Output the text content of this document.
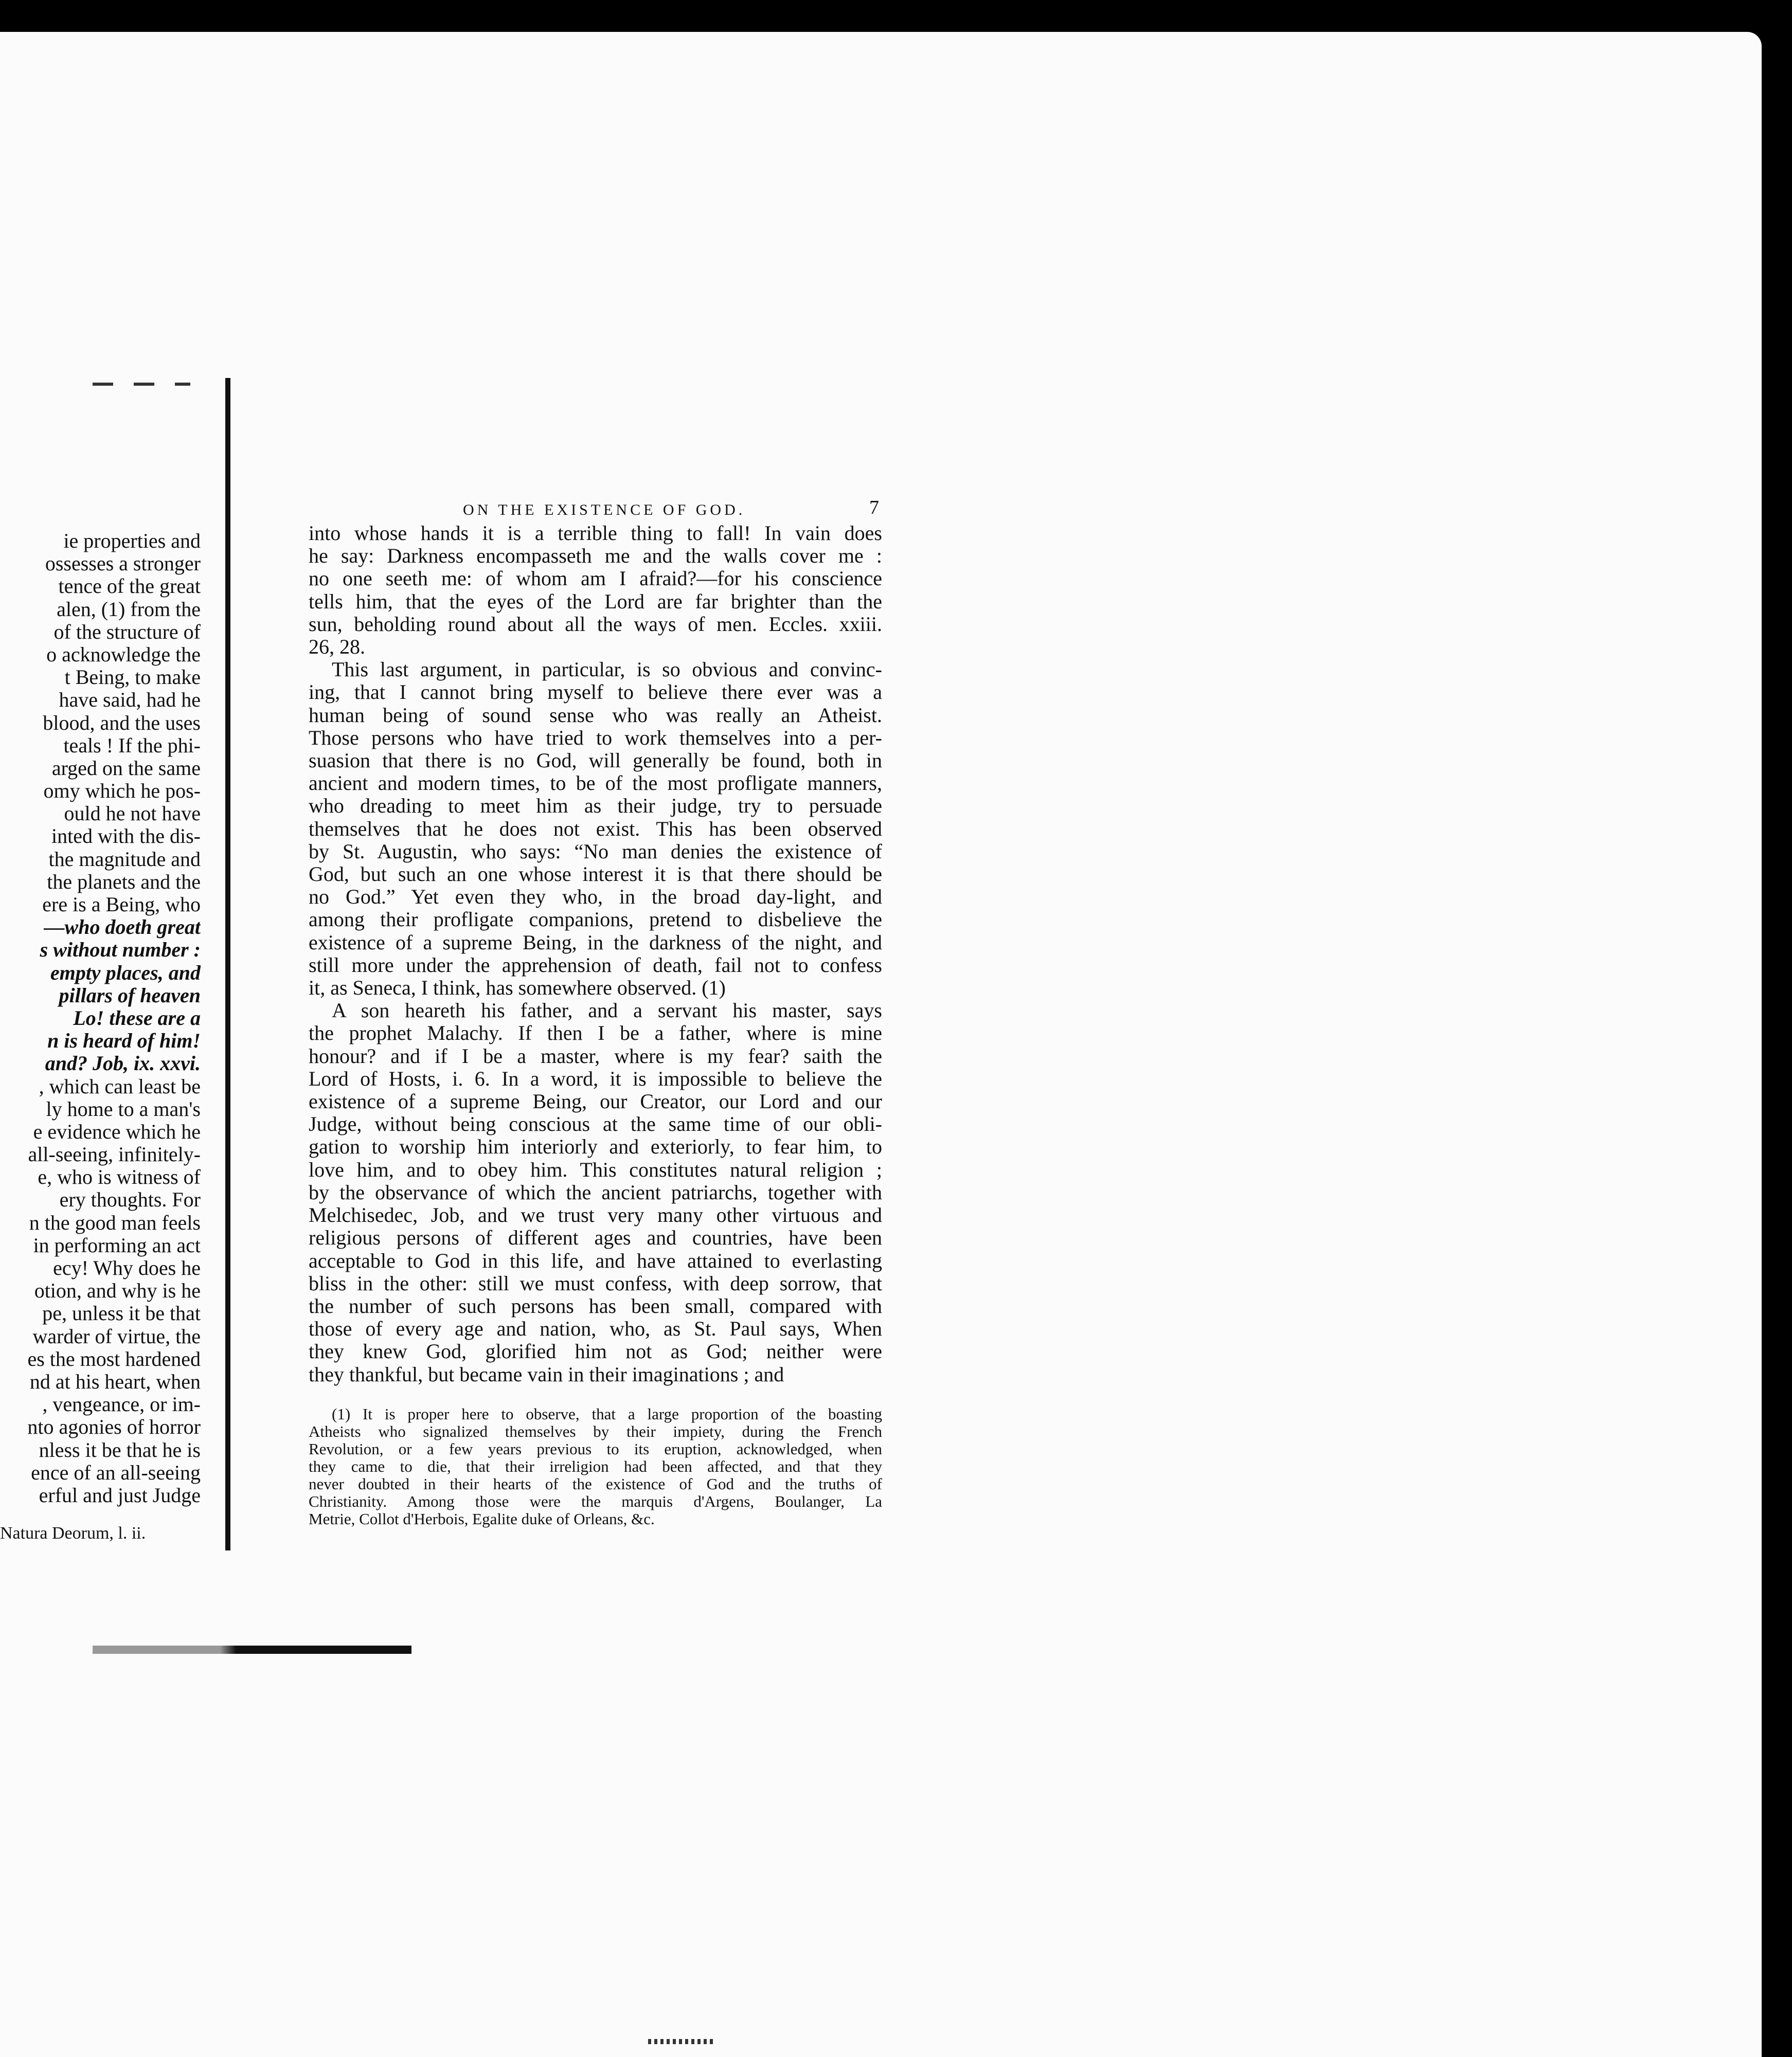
ie properties and
ossesses a stronger
tence of the great
alen, (1) from the
of the structure of
o acknowledge the
t Being, to make
have said, had he
blood, and the uses
teals ! If the phi-
arged on the same
omy which he pos-
ould he not have
inted with the dis-
the magnitude and
the planets and the
ere is a Being, who
—who doeth great
s without number :
empty places, and
pillars of heaven
Lo! these are a
n is heard of him!
and? Job, ix. xxvi.
, which can least be
ly home to a man's
e evidence which he
all-seeing, infinitely-
e, who is witness of
ery thoughts. For
n the good man feels
in performing an act
ecy! Why does he
otion, and why is he
pe, unless it be that
warder of virtue, the
es the most hardened
nd at his heart, when
, vengeance, or im-
nto agonies of horror
nless it be that he is
ence of an all-seeing
erful and just Judge
Natura Deorum, l. ii.
ON THE EXISTENCE OF GOD.	7
into whose hands it is a terrible thing to fall! In vain does
he say: Darkness encompasseth me and the walls cover me :
no one seeth me: of whom am I afraid?—for his conscience
tells him, that the eyes of the Lord are far brighter than the
sun, beholding round about all the ways of men. Eccles. xxiii.
26, 28.
This last argument, in particular, is so obvious and convinc-
ing, that I cannot bring myself to believe there ever was a
human being of sound sense who was really an Atheist.
Those persons who have tried to work themselves into a per-
suasion that there is no God, will generally be found, both in
ancient and modern times, to be of the most profligate manners,
who dreading to meet him as their judge, try to persuade
themselves that he does not exist. This has been observed
by St. Augustin, who says: “No man denies the existence of
God, but such an one whose interest it is that there should be
no God.” Yet even they who, in the broad day-light, and
among their profligate companions, pretend to disbelieve the
existence of a supreme Being, in the darkness of the night, and
still more under the apprehension of death, fail not to confess
it, as Seneca, I think, has somewhere observed. (1)
A son heareth his father, and a servant his master, says
the prophet Malachy. If then I be a father, where is mine
honour? and if I be a master, where is my fear? saith the
Lord of Hosts, i. 6. In a word, it is impossible to believe the
existence of a supreme Being, our Creator, our Lord and our
Judge, without being conscious at the same time of our obli-
gation to worship him interiorly and exteriorly, to fear him, to
love him, and to obey him. This constitutes natural religion ;
by the observance of which the ancient patriarchs, together with
Melchisedec, Job, and we trust very many other virtuous and
religious persons of different ages and countries, have been
acceptable to God in this life, and have attained to everlasting
bliss in the other: still we must confess, with deep sorrow, that
the number of such persons has been small, compared with
those of every age and nation, who, as St. Paul says, When
they knew God, glorified him not as God; neither were
they thankful, but became vain in their imaginations ; and
(1) It is proper here to observe, that a large proportion of the boasting
Atheists who signalized themselves by their impiety, during the French
Revolution, or a few years previous to its eruption, acknowledged, when
they came to die, that their irreligion had been affected, and that they
never doubted in their hearts of the existence of God and the truths of
Christianity. Among those were the marquis d'Argens, Boulanger, La
Metrie, Collot d'Herbois, Egalite duke of Orleans, &c.
